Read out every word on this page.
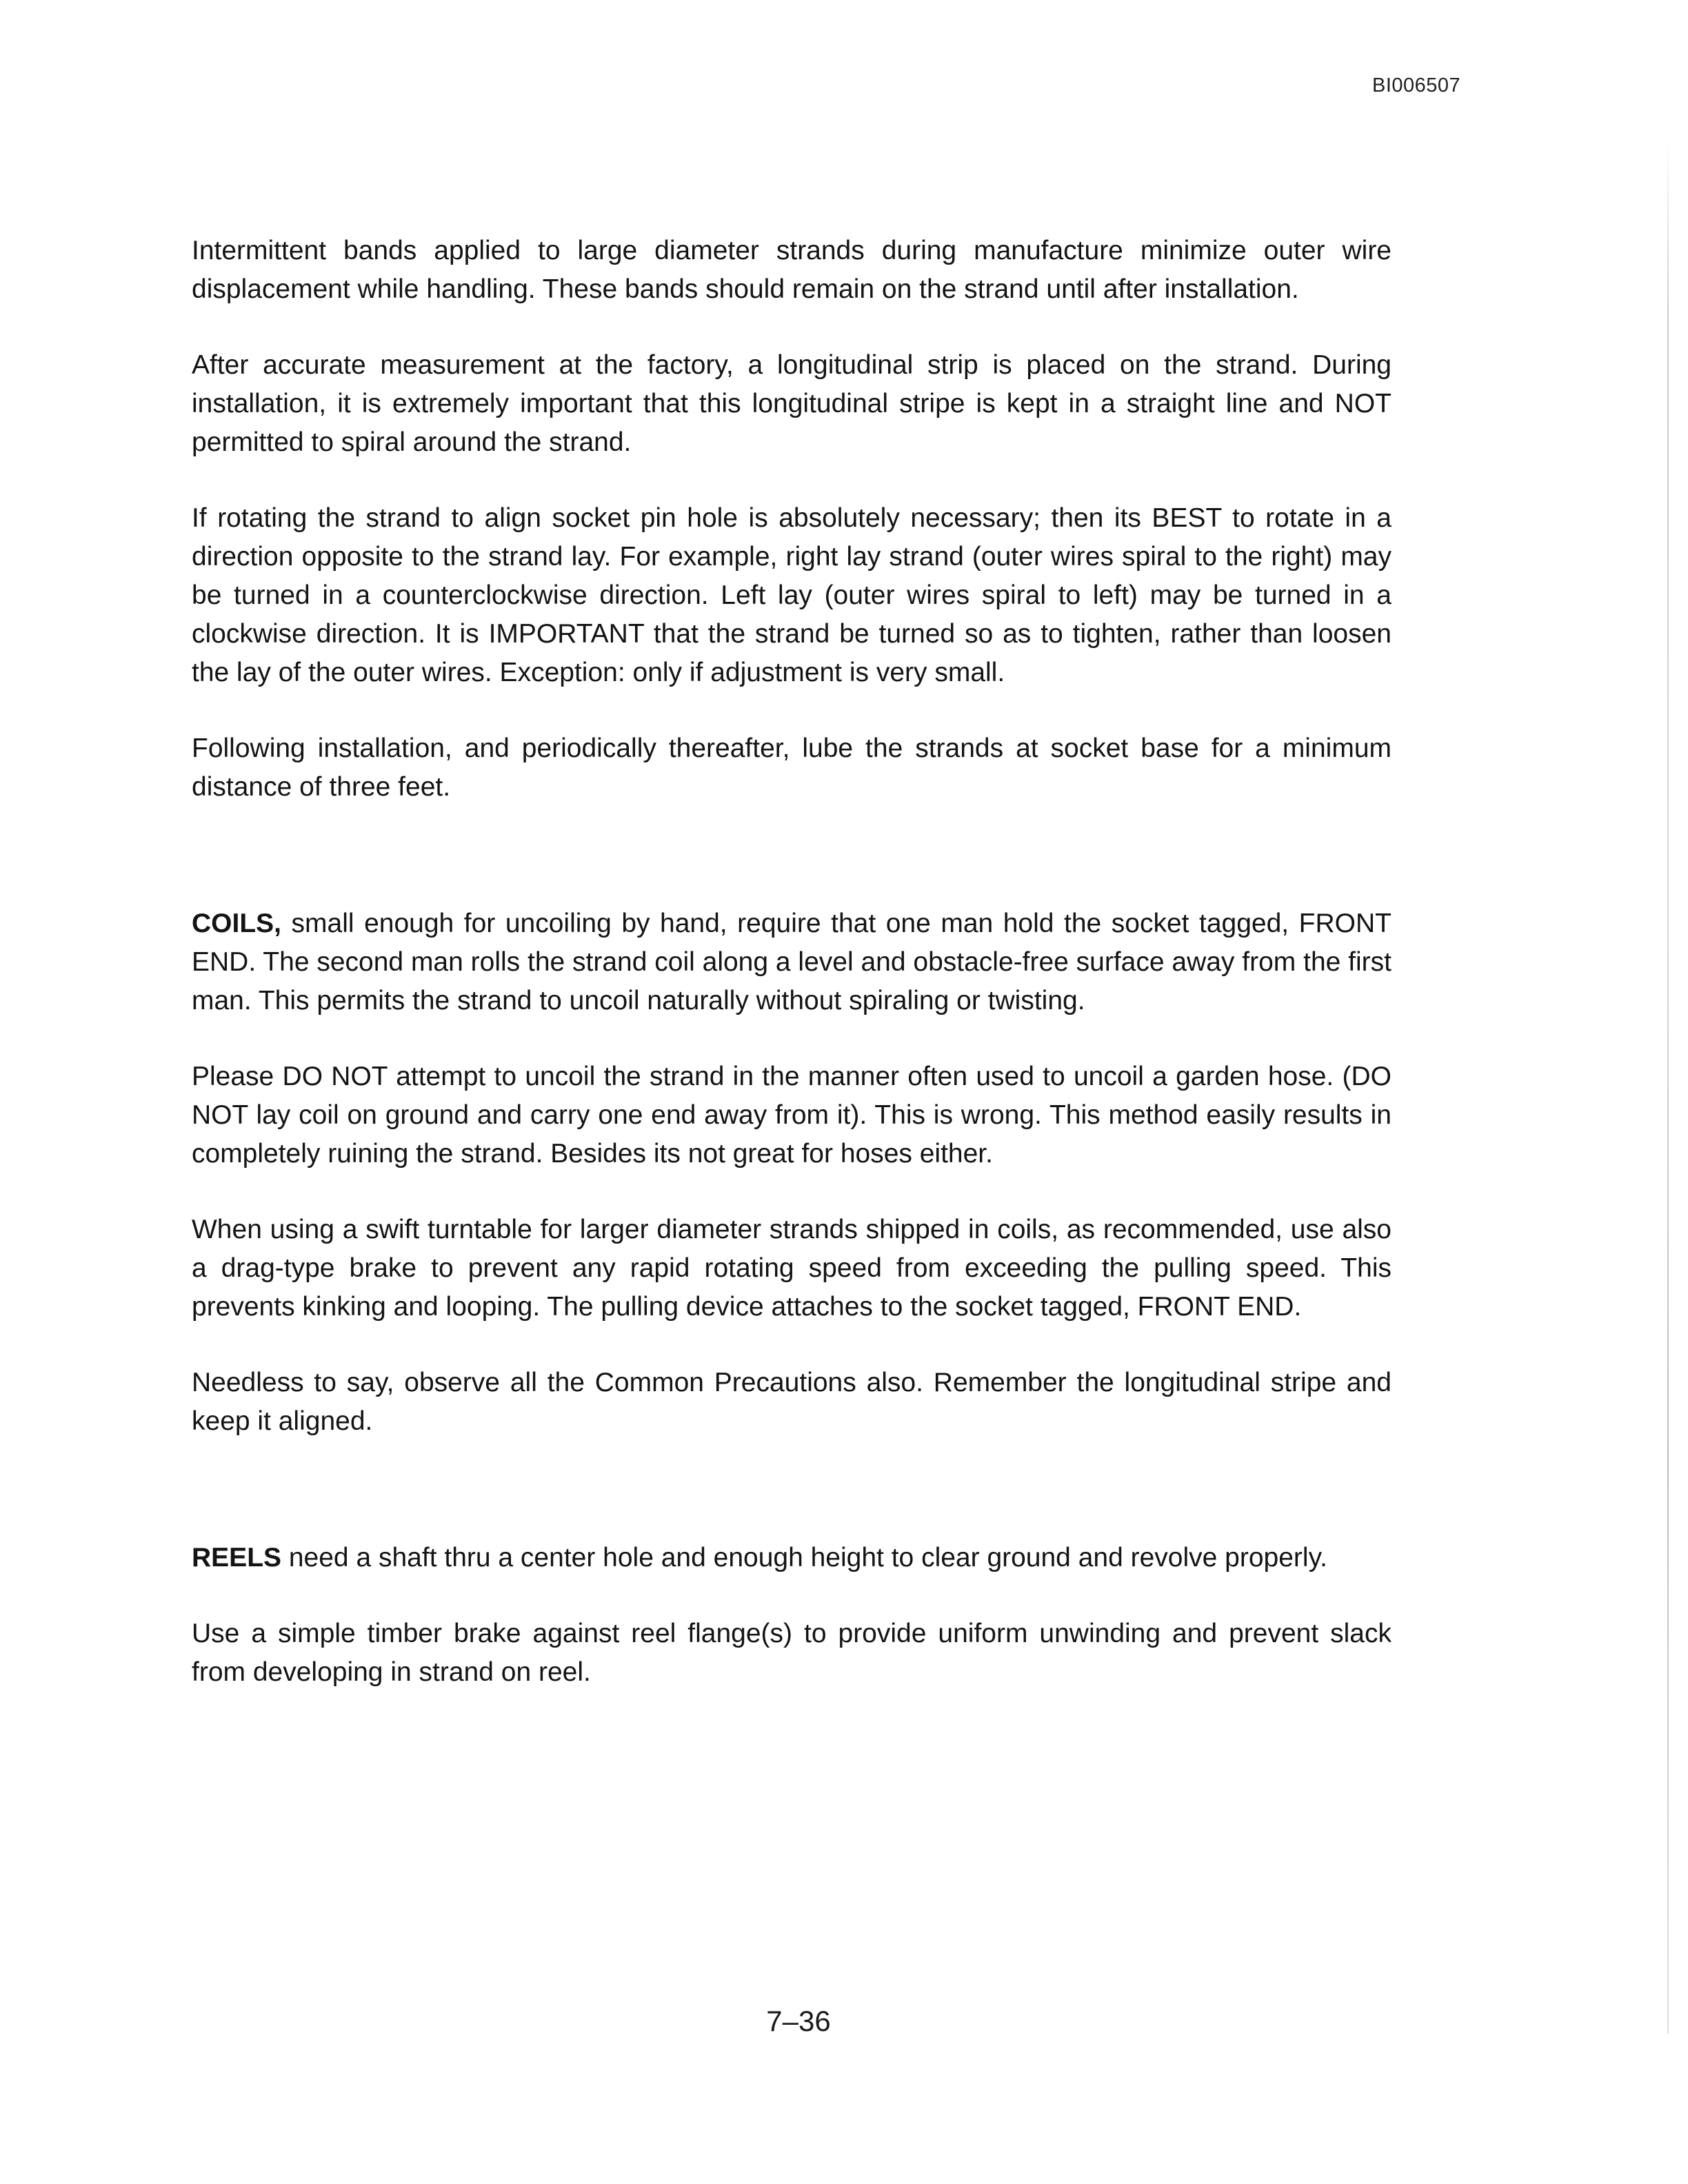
BI006507

Intermittent bands applied to large diameter strands during manufacture minimize outer wire displacement while handling. These bands should remain on the strand until after installation.

After accurate measurement at the factory, a longitudinal strip is placed on the strand. During installation, it is extremely important that this longitudinal stripe is kept in a straight line and NOT permitted to spiral around the strand.

If rotating the strand to align socket pin hole is absolutely necessary; then its BEST to rotate in a direction opposite to the strand lay. For example, right lay strand (outer wires spiral to the right) may be turned in a counterclockwise direction. Left lay (outer wires spiral to left) may be turned in a clockwise direction. It is IMPORTANT that the strand be turned so as to tighten, rather than loosen the lay of the outer wires. Exception: only if adjustment is very small.

Following installation, and periodically thereafter, lube the strands at socket base for a minimum distance of three feet.

COILS, small enough for uncoiling by hand, require that one man hold the socket tagged, FRONT END. The second man rolls the strand coil along a level and obstacle-free surface away from the first man. This permits the strand to uncoil naturally without spiraling or twisting.

Please DO NOT attempt to uncoil the strand in the manner often used to uncoil a garden hose. (DO NOT lay coil on ground and carry one end away from it). This is wrong. This method easily results in completely ruining the strand. Besides its not great for hoses either.

When using a swift turntable for larger diameter strands shipped in coils, as recommended, use also a drag-type brake to prevent any rapid rotating speed from exceeding the pulling speed. This prevents kinking and looping. The pulling device attaches to the socket tagged, FRONT END.

Needless to say, observe all the Common Precautions also. Remember the longitudinal stripe and keep it aligned.

REELS need a shaft thru a center hole and enough height to clear ground and revolve properly.

Use a simple timber brake against reel flange(s) to provide uniform unwinding and prevent slack from developing in strand on reel.

7–36
